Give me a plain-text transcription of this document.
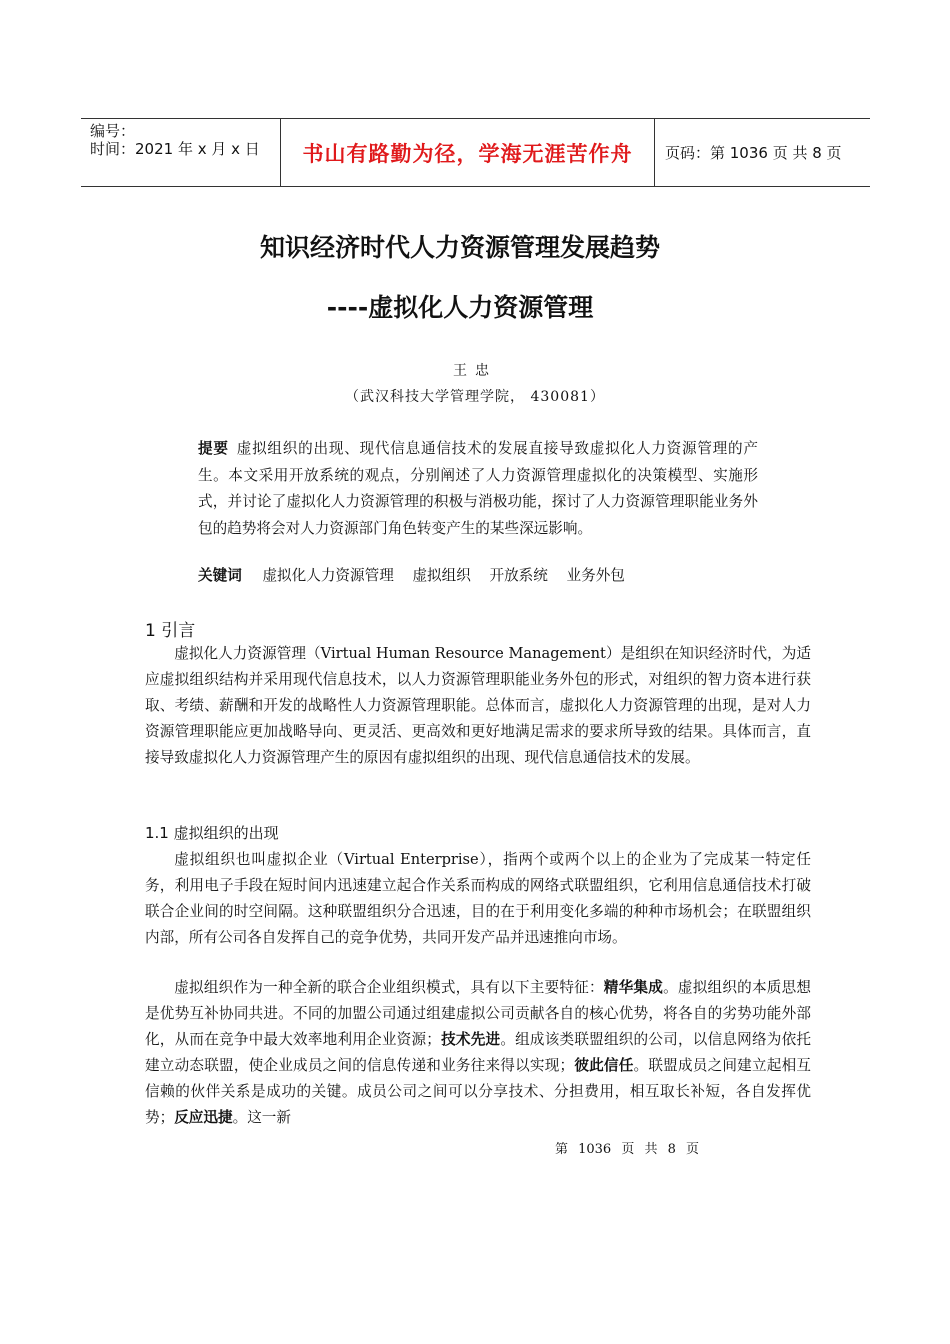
编号：
时间：2021 年 x 月 x 日 书山有路勤为径，学海无涯苦作舟 页码：第 1036 页 共 8 页
知识经济时代人力资源管理发展趋势
----虚拟化人力资源管理
王忠
（武汉科技大学管理学院， 430081）
提要 虚拟组织的出现、现代信息通信技术的发展直接导致虚拟化人力资源管理的产生。本文采用开放系统的观点，分别阐述了人力资源管理虚拟化的决策模型、实施形式，并讨论了虚拟化人力资源管理的积极与消极功能，探讨了人力资源管理职能业务外包的趋势将会对人力资源部门角色转变产生的某些深远影响。
关键词 虚拟化人力资源管理 虚拟组织 开放系统 业务外包
1 引言

虚拟化人力资源管理（Virtual Human Resource Management）是组织在知识经济时代，为适应虚拟组织结构并采用现代信息技术，以人力资源管理职能业务外包的形式，对组织的智力资本进行获取、考绩、薪酬和开发的战略性人力资源管理职能。总体而言，虚拟化人力资源管理的出现，是对人力资源管理职能应更加战略导向、更灵活、更高效和更好地满足需求的要求所导致的结果。具体而言，直接导致虚拟化人力资源管理产生的原因有虚拟组织的出现、现代信息通信技术的发展。

1.1 虚拟组织的出现

虚拟组织也叫虚拟企业（Virtual Enterprise），指两个或两个以上的企业为了完成某一特定任务，利用电子手段在短时间内迅速建立起合作关系而构成的网络式联盟组织，它利用信息通信技术打破联合企业间的时空间隔。这种联盟组织分合迅速，目的在于利用变化多端的种种市场机会；在联盟组织内部，所有公司各自发挥自己的竞争优势，共同开发产品并迅速推向市场。

虚拟组织作为一种全新的联合企业组织模式，具有以下主要特征：精华集成。虚拟组织的本质思想是优势互补协同共进。不同的加盟公司通过组建虚拟公司贡献各自的核心优势，将各自的劣势功能外部化，从而在竞争中最大效率地利用企业资源；技术先进。组成该类联盟组织的公司，以信息网络为依托建立动态联盟，使企业成员之间的信息传递和业务往来得以实现；彼此信任。联盟成员之间建立起相互信赖的伙伴关系是成功的关键。成员公司之间可以分享技术、分担费用，相互取长补短，各自发挥优势；反应迅捷。这一新

第 1036 页 共 8 页
